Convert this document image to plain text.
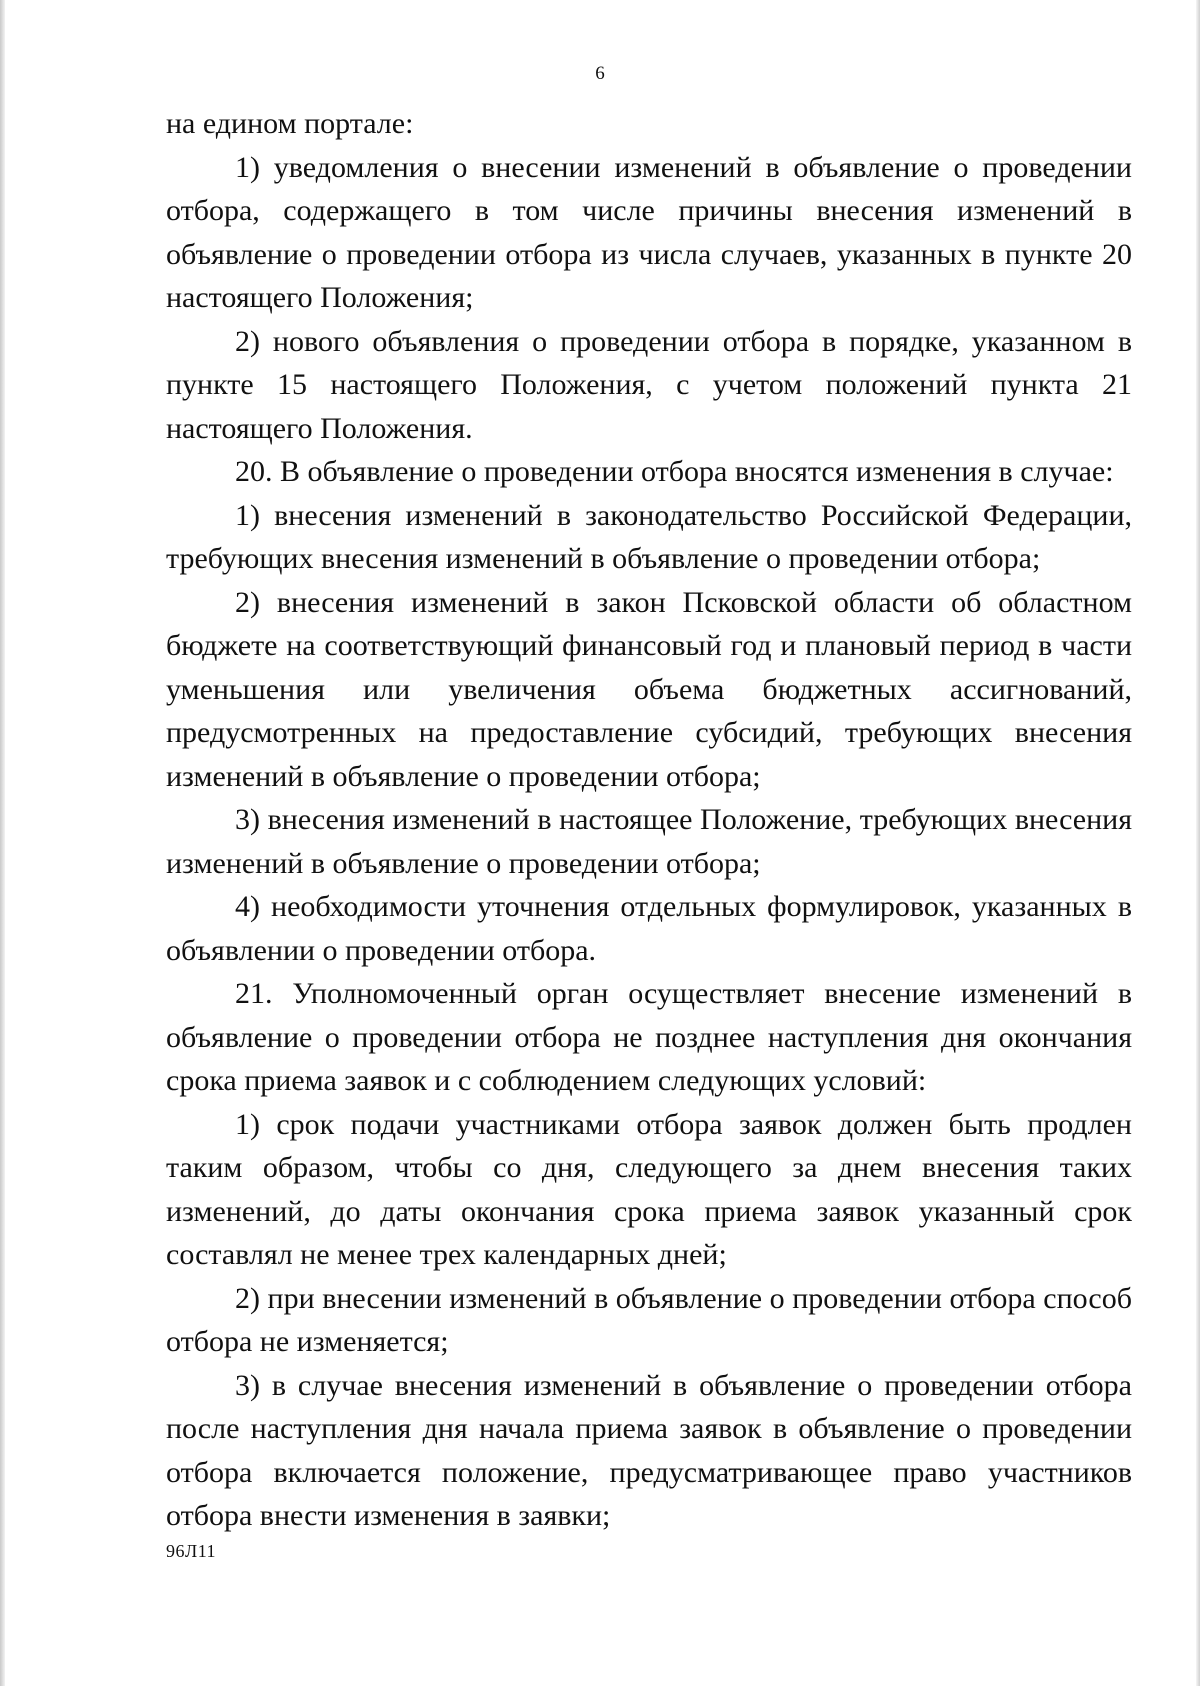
6

на едином портале:

1) уведомления о внесении изменений в объявление о проведении отбора, содержащего в том числе причины внесения изменений в объявление о проведении отбора из числа случаев, указанных в пункте 20 настоящего Положения;

2) нового объявления о проведении отбора в порядке, указанном в пункте 15 настоящего Положения, с учетом положений пункта 21 настоящего Положения.

20. В объявление о проведении отбора вносятся изменения в случае:

1) внесения изменений в законодательство Российской Федерации, требующих внесения изменений в объявление о проведении отбора;

2) внесения изменений в закон Псковской области об областном бюджете на соответствующий финансовый год и плановый период в части уменьшения или увеличения объема бюджетных ассигнований, предусмотренных на предоставление субсидий, требующих внесения изменений в объявление о проведении отбора;

3) внесения изменений в настоящее Положение, требующих внесения изменений в объявление о проведении отбора;

4) необходимости уточнения отдельных формулировок, указанных в объявлении о проведении отбора.

21. Уполномоченный орган осуществляет внесение изменений в объявление о проведении отбора не позднее наступления дня окончания срока приема заявок и с соблюдением следующих условий:

1) срок подачи участниками отбора заявок должен быть продлен таким образом, чтобы со дня, следующего за днем внесения таких изменений, до даты окончания срока приема заявок указанный срок составлял не менее трех календарных дней;

2) при внесении изменений в объявление о проведении отбора способ отбора не изменяется;

3) в случае внесения изменений в объявление о проведении отбора после наступления дня начала приема заявок в объявление о проведении отбора включается положение, предусматривающее право участников отбора внести изменения в заявки;

96Л11
